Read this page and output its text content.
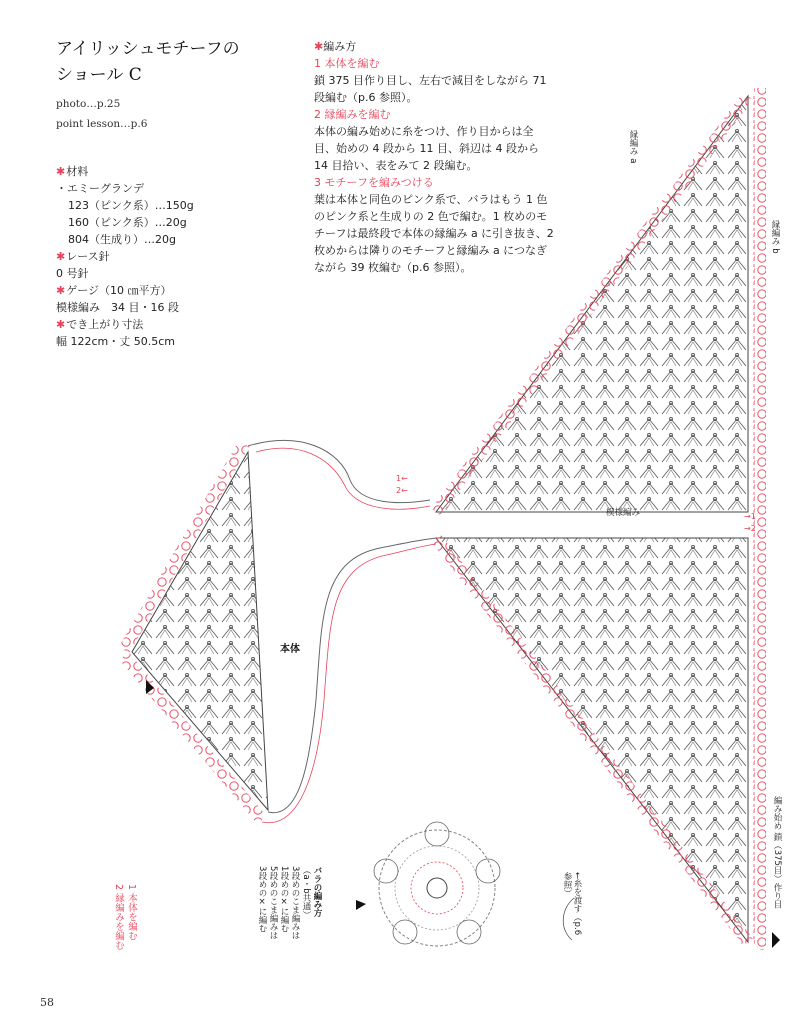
アイリッシュモチーフの
ショール C
photo…p.25
point lesson…p.6
✱材料
・エミーグランデ
123（ピンク系）…150g
160（ピンク系）…20g
804（生成り）…20g
✱レース針
0 号針
✱ゲージ（10 ㎝平方）
模様編み　34 目・16 段
✱でき上がり寸法
幅 122cm・丈 50.5cm
✱編み方
1 本体を編む
鎖 375 目作り目し、左右で減目をしながら 71 段編む（p.6 参照）。
2 縁編みを編む
本体の編み始めに糸をつけ、作り目からは全目、始めの 4 段から 11 目、斜辺は 4 段から 14 目拾い、表をみて 2 段編む。
3 モチーフを編みつける
葉は本体と同色のピンク系で、バラはもう 1 色のピンク系と生成りの 2 色で編む。1 枚めのモチーフは最終段で本体の縁編み a に引き抜き、2 枚めからは隣りのモチーフと縁編み a につなぎながら 39 枚編む（p.6 参照）。
本体
縁編み a
縁編み b
模様編み
編み始め 鎖（375目）作り目
←糸を渡す（p.6 参照）
→1
→2
1←
2←
バラの編み方
（a・b共通）
3段めのこま編みは
1段めの×に編む
5段めのこま編みは
3段めの×に編む
1 本体を編む
2 縁編みを編む
58
